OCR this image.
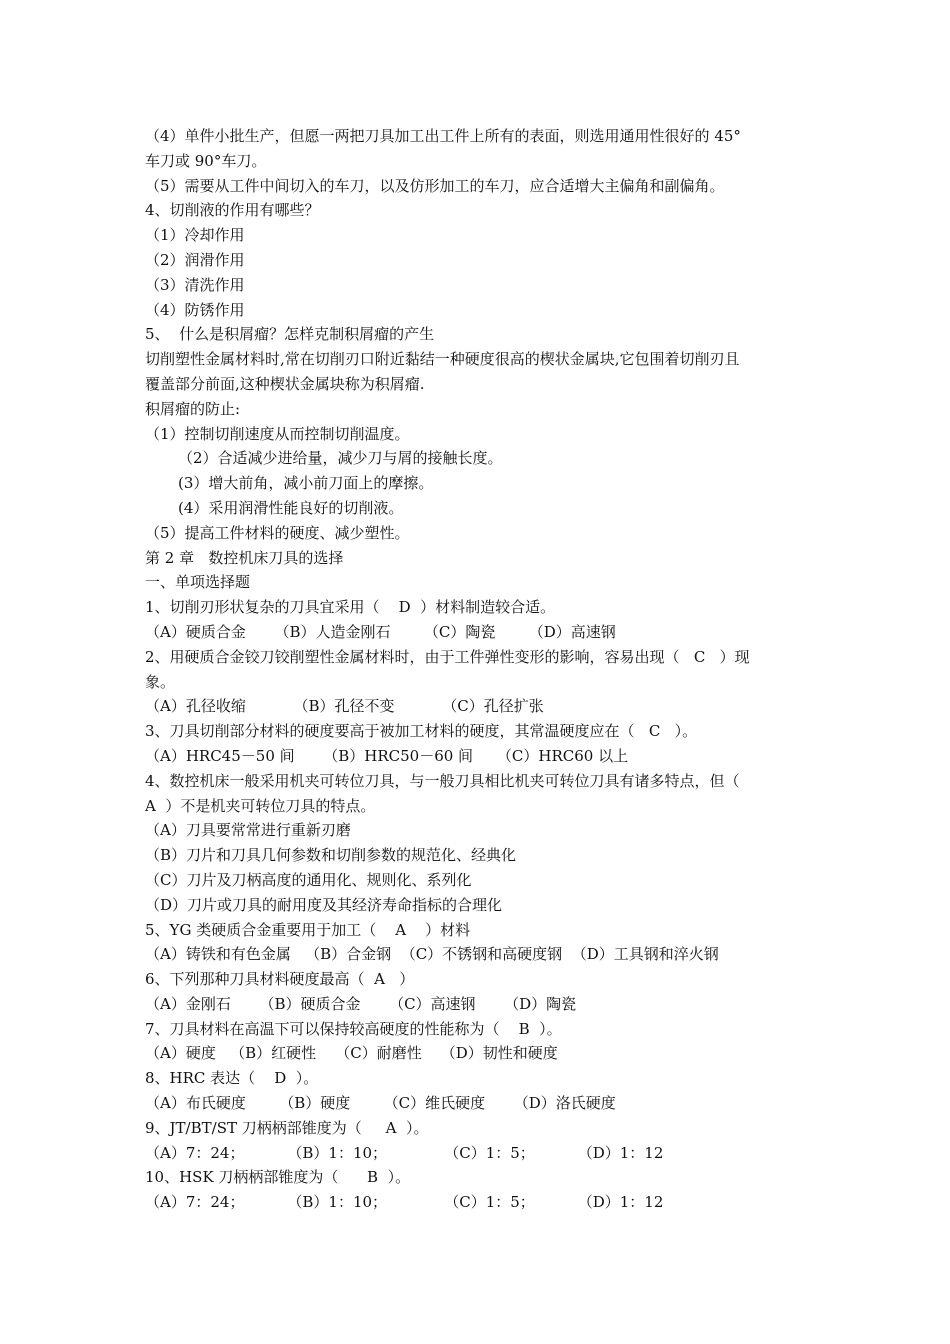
（4）单件小批生产，但愿一两把刀具加工出工件上所有的表面，则选用通用性很好的 45°
车刀或 90°车刀。
（5）需要从工件中间切入的车刀，以及仿形加工的车刀，应合适增大主偏角和副偏角。
4、切削液的作用有哪些？
（1）冷却作用
（2）润滑作用
（3）清洗作用
（4）防锈作用
5、  什么是积屑瘤？怎样克制积屑瘤的产生
切削塑性金属材料时,常在切削刃口附近黏结一种硬度很高的楔状金属块,它包围着切削刃且
覆盖部分前面,这种楔状金属块称为积屑瘤.
积屑瘤的防止:
（1）控制切削速度从而控制切削温度。
（2）合适减少进给量，减少刀与屑的接触长度。
(3）增大前角，减小前刀面上的摩擦。
(4）采用润滑性能良好的切削液。
（5）提高工件材料的硬度、减少塑性。
第 2 章   数控机床刀具的选择
一、单项选择题
1、切削刃形状复杂的刀具宜采用（    D  ）材料制造较合适。
（A）硬质合金      （B）人造金刚石       （C）陶瓷       （D）高速钢
2、用硬质合金铰刀铰削塑性金属材料时，由于工件弹性变形的影响，容易出现（   C   ）现
象。
（A）孔径收缩          （B）孔径不变          （C）孔径扩张
3、刀具切削部分材料的硬度要高于被加工材料的硬度，其常温硬度应在（   C   ）。
（A）HRC45－50 间      （B）HRC50－60 间     （C）HRC60 以上
4、数控机床一般采用机夹可转位刀具，与一般刀具相比机夹可转位刀具有诸多特点，但（
A  ）不是机夹可转位刀具的特点。
（A）刀具要常常进行重新刃磨
（B）刀片和刀具几何参数和切削参数的规范化、经典化
（C）刀片及刀柄高度的通用化、规则化、系列化
（D）刀片或刀具的耐用度及其经济寿命指标的合理化
5、YG 类硬质合金重要用于加工（    A    ）材料
（A）铸铁和有色金属   （B）合金钢  （C）不锈钢和高硬度钢  （D）工具钢和淬火钢
6、下列那种刀具材料硬度最高（  A   ）
（A）金刚石      （B）硬质合金      （C）高速钢      （D）陶瓷
7、刀具材料在高温下可以保持较高硬度的性能称为（    B  ）。
（A）硬度   （B）红硬性    （C）耐磨性    （D）韧性和硬度
8、HRC 表达（    D  ）。
（A）布氏硬度       （B）硬度       （C）维氏硬度      （D）洛氏硬度
9、JT/BT/ST 刀柄柄部锥度为（     A  ）。
（A）7：24；         （B）1：10；            （C）1：5；         （D）1：12
10、HSK 刀柄柄部锥度为（      B  ）。
（A）7：24；         （B）1：10；            （C）1：5；         （D）1：12
